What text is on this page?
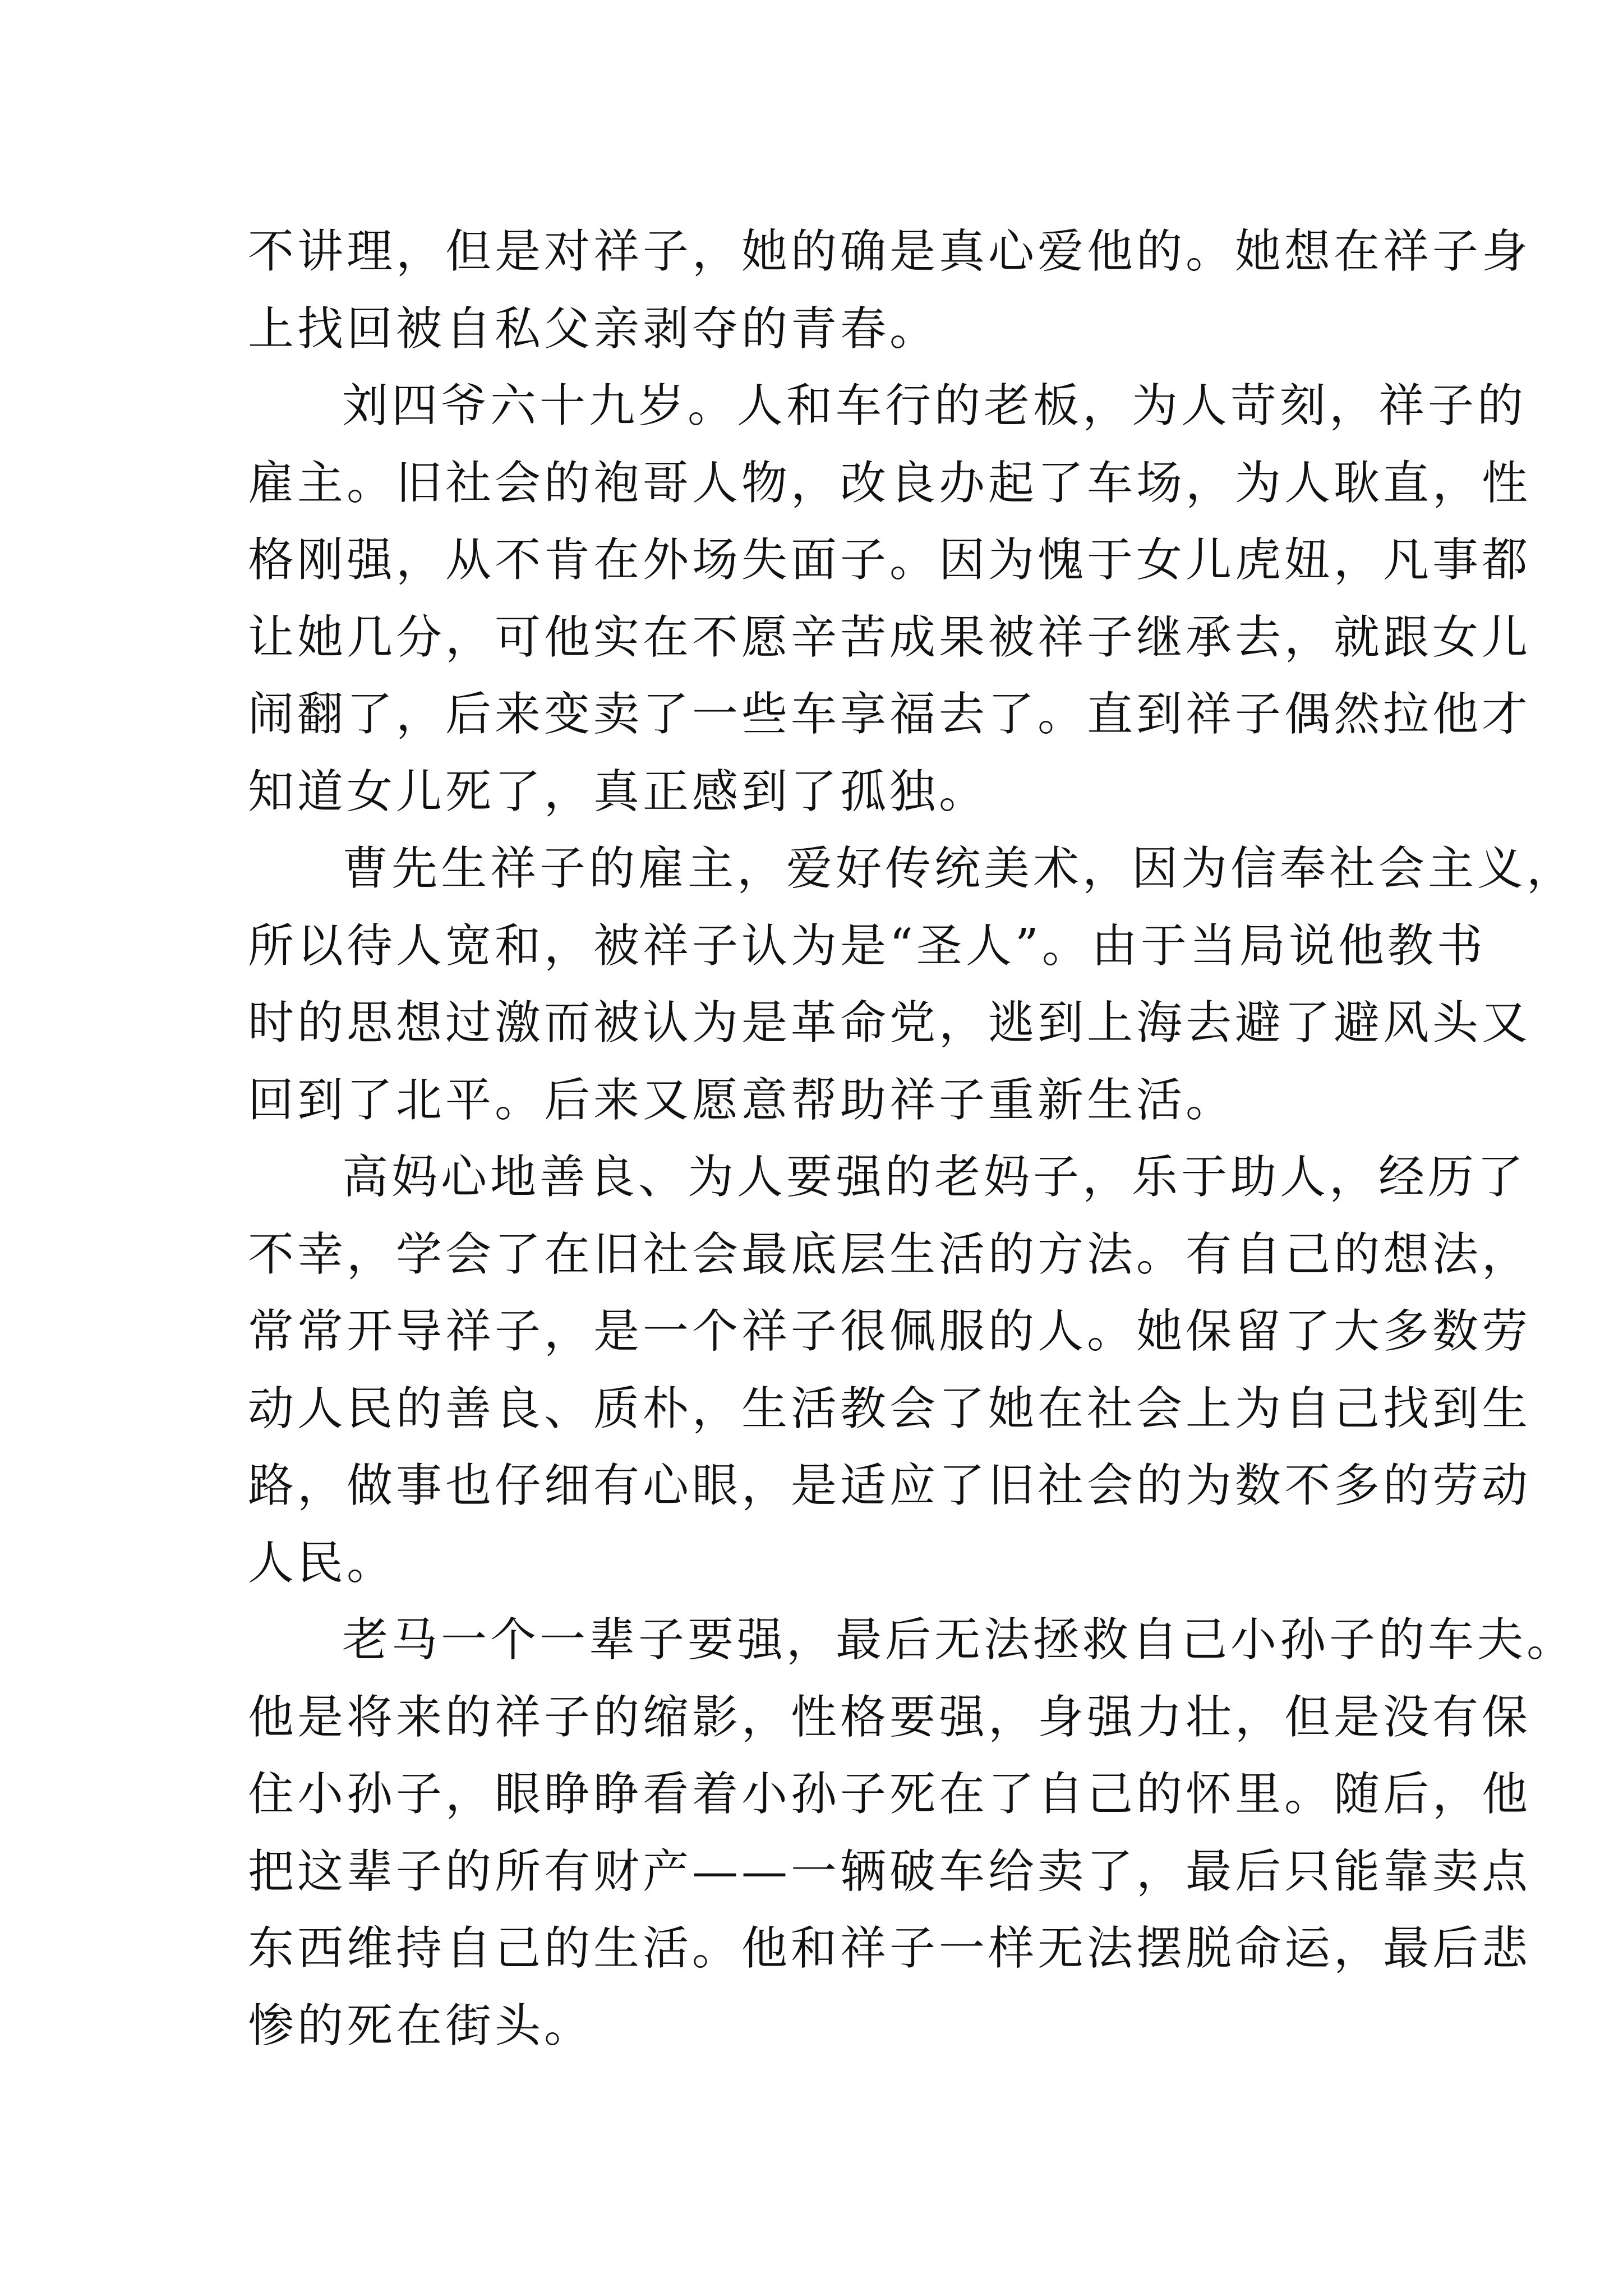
不讲理，但是对祥子，她的确是真心爱他的。她想在祥子身
上找回被自私父亲剥夺的青春。
刘四爷六十九岁。人和车行的老板，为人苛刻，祥子的
雇主。旧社会的袍哥人物，改良办起了车场，为人耿直，性
格刚强，从不肯在外场失面子。因为愧于女儿虎妞，凡事都
让她几分，可他实在不愿辛苦成果被祥子继承去，就跟女儿
闹翻了，后来变卖了一些车享福去了。直到祥子偶然拉他才
知道女儿死了，真正感到了孤独。
曹先生祥子的雇主，爱好传统美术，因为信奉社会主义，
所以待人宽和，被祥子认为是“圣人”。由于当局说他教书
时的思想过激而被认为是革命党，逃到上海去避了避风头又
回到了北平。后来又愿意帮助祥子重新生活。
高妈心地善良、为人要强的老妈子，乐于助人，经历了
不幸，学会了在旧社会最底层生活的方法。有自己的想法，
常常开导祥子，是一个祥子很佩服的人。她保留了大多数劳
动人民的善良、质朴，生活教会了她在社会上为自己找到生
路，做事也仔细有心眼，是适应了旧社会的为数不多的劳动
人民。
老马一个一辈子要强，最后无法拯救自己小孙子的车夫。
他是将来的祥子的缩影，性格要强，身强力壮，但是没有保
住小孙子，眼睁睁看着小孙子死在了自己的怀里。随后，他
把这辈子的所有财产——一辆破车给卖了，最后只能靠卖点
东西维持自己的生活。他和祥子一样无法摆脱命运，最后悲
惨的死在街头。
